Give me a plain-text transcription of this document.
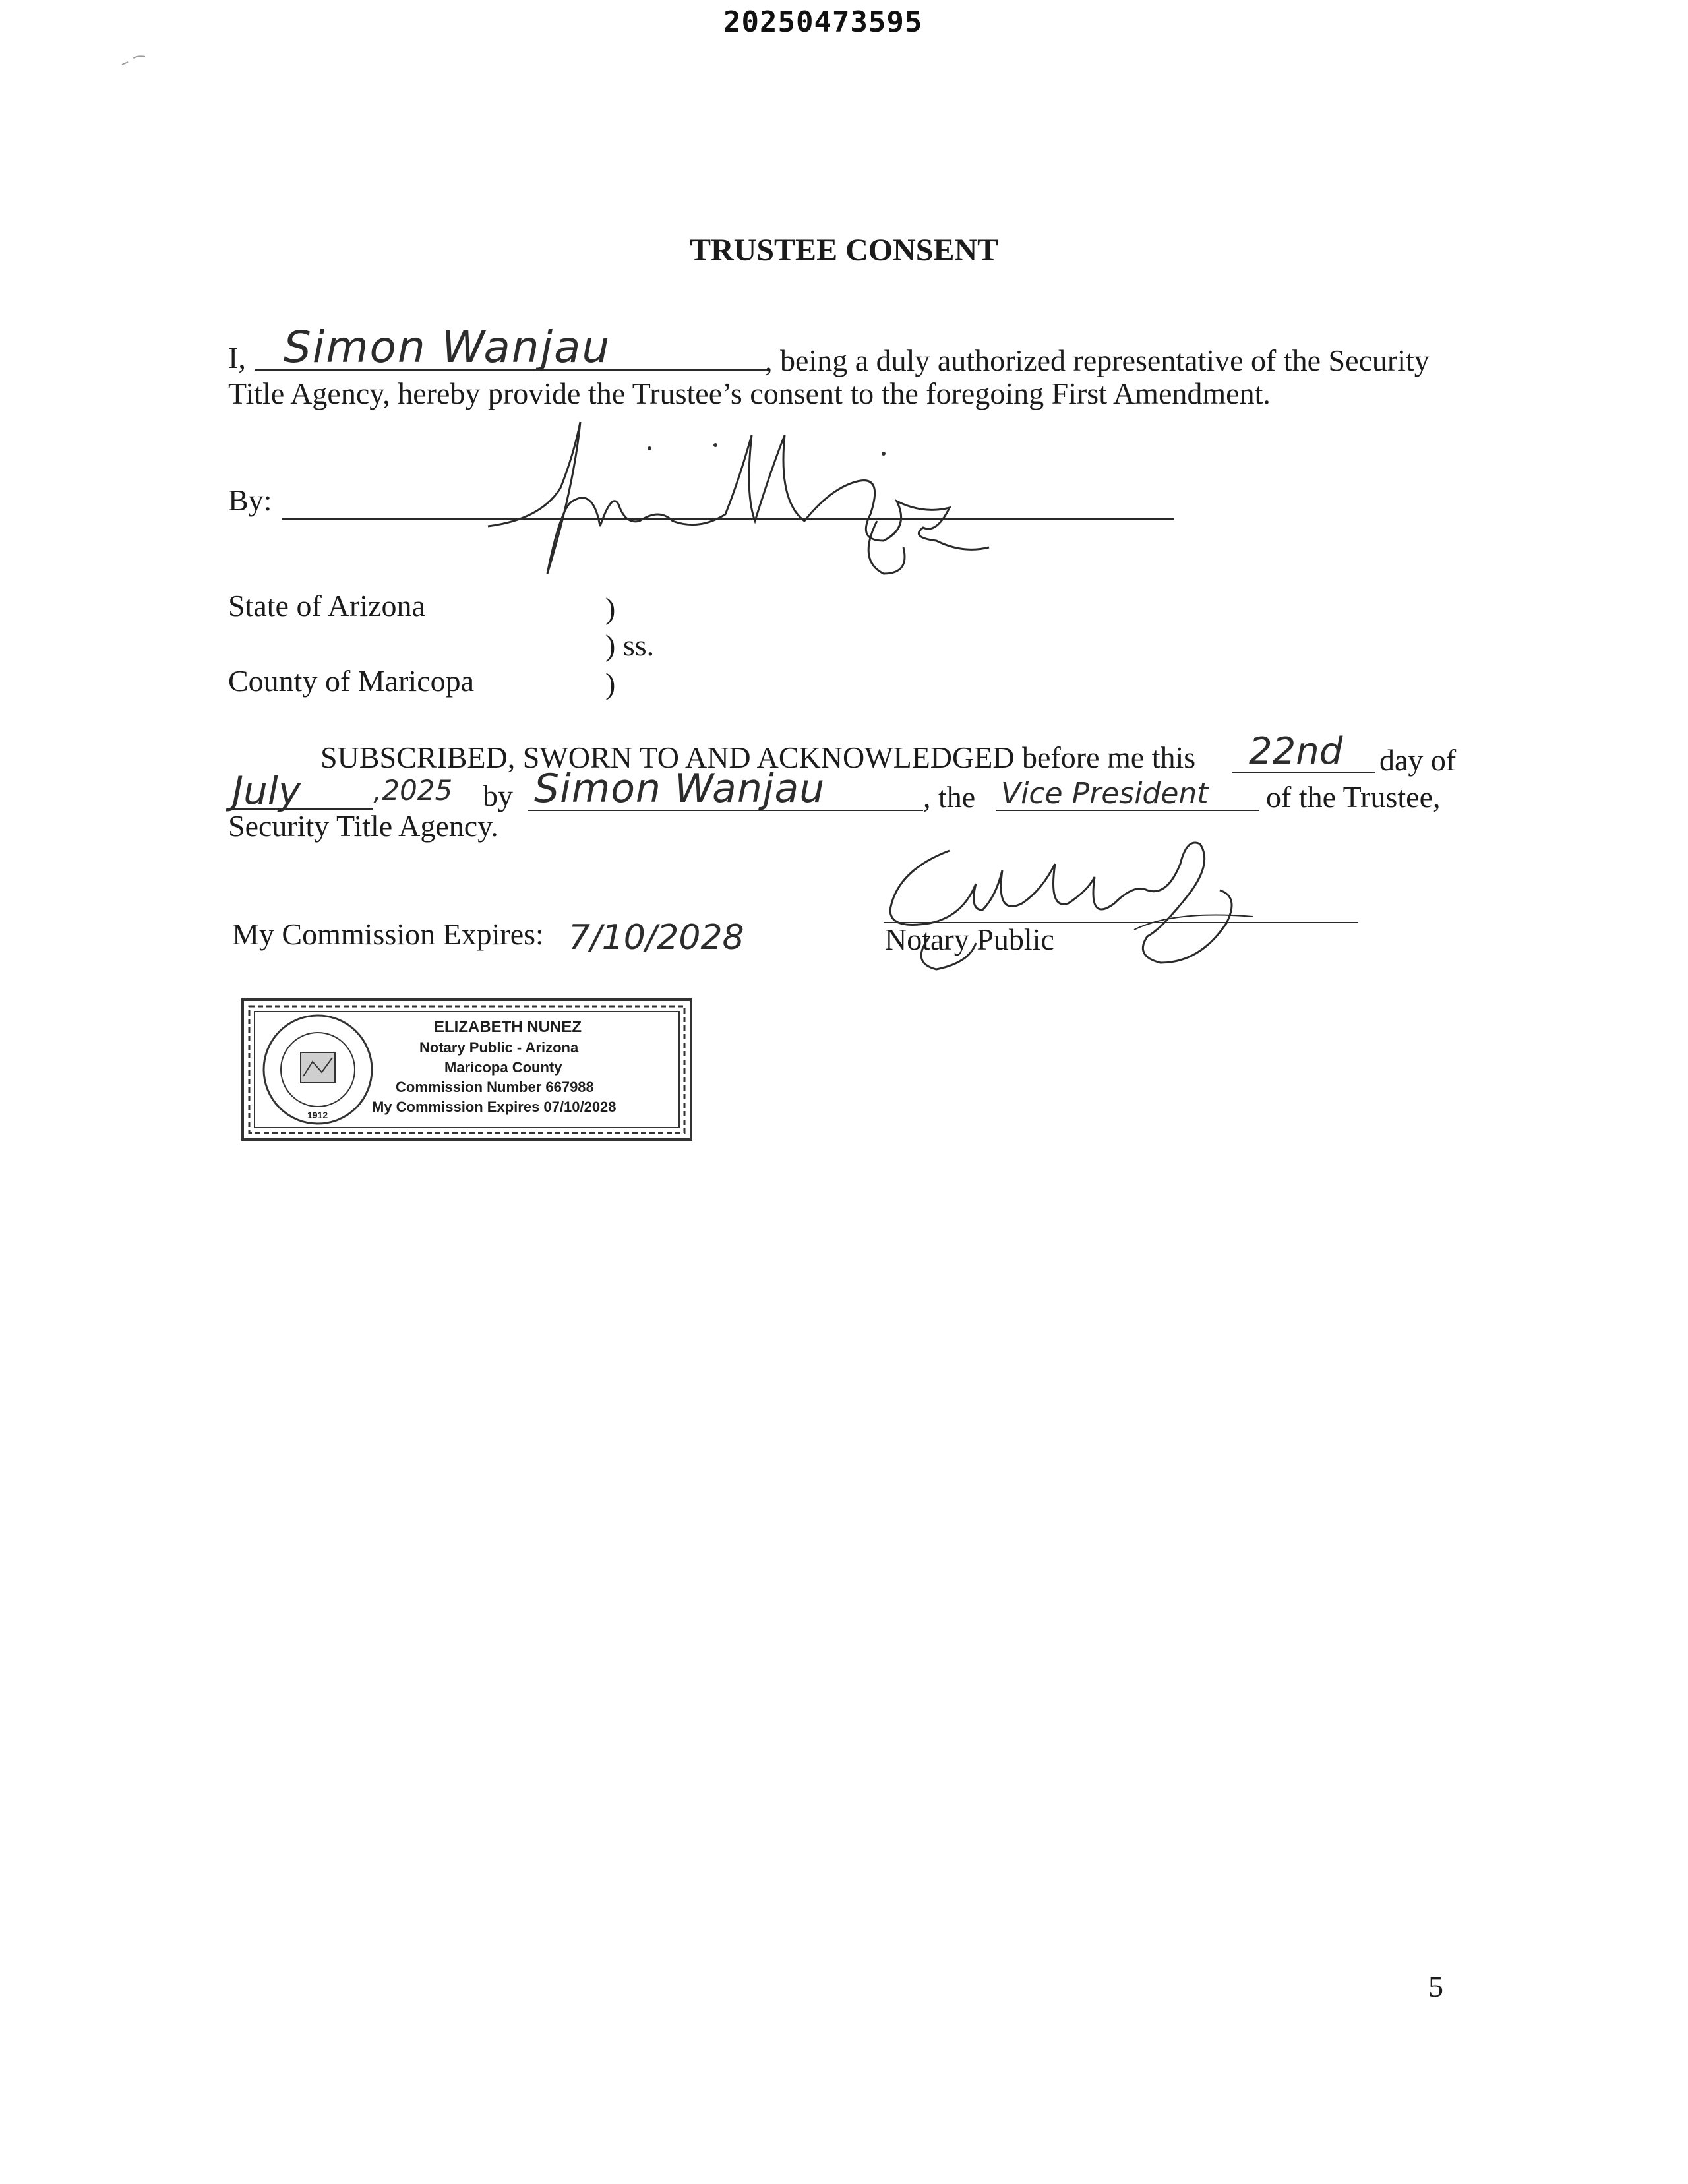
20250473595
TRUSTEE CONSENT
I, Simon Wanjau	, being a duly authorized representative of the Security
Title Agency, hereby provide the Trustee’s consent to the foregoing First Amendment.
By:
State of Arizona	)
) ss.
County of Maricopa	)
SUBSCRIBED, SWORN TO AND ACKNOWLEDGED before me this 22nd day of
July	,2025 by Simon Wanjau	, the Vice President of the Trustee,
Security Title Agency.
My Commission Expires: 7/10/2028	Notary Public
1912
ELIZABETH NUNEZ
Notary Public - Arizona
Maricopa County
Commission Number 667988
My Commission Expires 07/10/2028
5
